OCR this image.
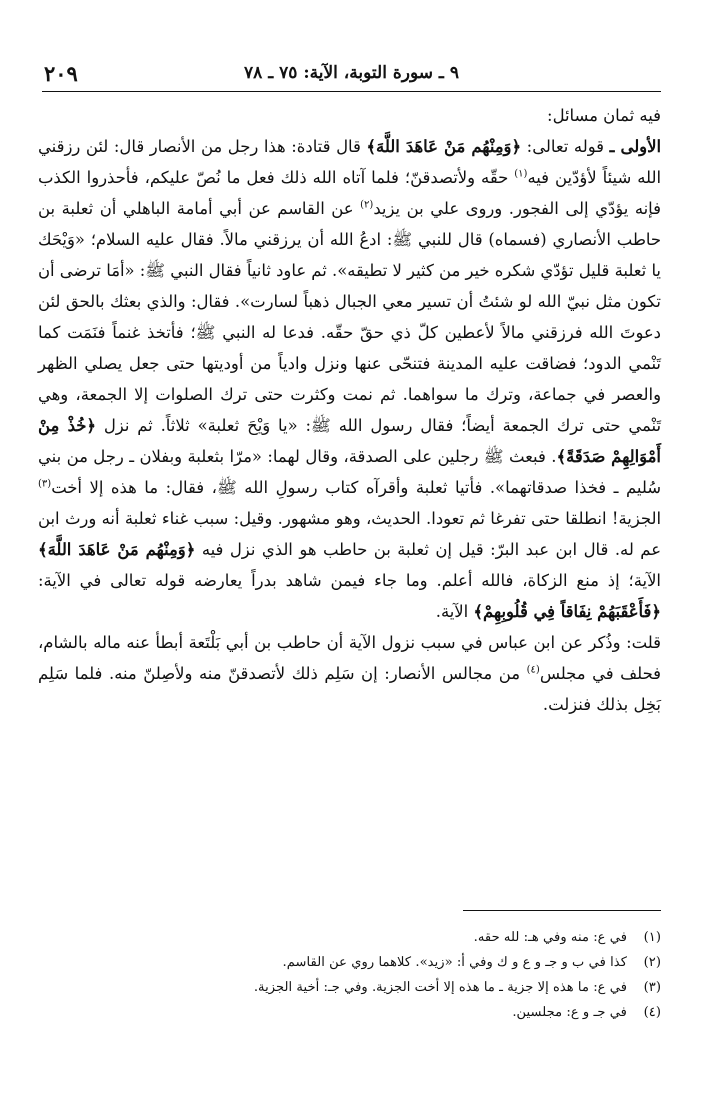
٩ ـ سورة التوبة، الآية: ٧٥ ـ ٧٨
٢٠٩

فيه ثمان مسائل:

الأولى ـ قوله تعالى: ﴿وَمِنْهُم مَنْ عَاهَدَ اللَّهَ﴾ قال قتادة: هذا رجل من الأنصار قال: لئن رزقني الله شيئاً لأؤدّين فيه$^{(١)}$ حقّه ولأتصدقنّ؛ فلما آتاه الله ذلك فعل ما نُصّ عليكم، فأحذروا الكذب فإنه يؤدّي إلى الفجور. وروى علي بن يزيد$^{(٢)}$ عن القاسم عن أبي أمامة الباهلي أن ثعلبة بن حاطب الأنصاري (فسماه) قال للنبي ﷺ: ادعُ الله أن يرزقني مالاً. فقال عليه السلام؛ «وَيْحَك يا ثعلبة قليل تؤدّي شكره خير من كثير لا تطيقه». ثم عاود ثانياً فقال النبي ﷺ: «أمَا ترضى أن تكون مثل نبيّ الله لو شئتُ أن تسير معي الجبال ذهباً لسارت». فقال: والذي بعثك بالحق لئن دعوتَ الله فرزقني مالاً لأعطين كلّ ذي حقّ حقّه. فدعا له النبي ﷺ؛ فأتخذ غنماً فنَمَت كما تَنْمي الدود؛ فضاقت عليه المدينة فتنحّى عنها ونزل وادياً من أوديتها حتى جعل يصلي الظهر والعصر في جماعة، وترك ما سواهما. ثم نمت وكثرت حتى ترك الصلوات إلا الجمعة، وهي تَنْمي حتى ترك الجمعة أيضاً؛ فقال رسول الله ﷺ: «يا وَيْحَ ثعلبة» ثلاثاً. ثم نزل ﴿خُذْ مِنْ أَمْوَالِهِمْ صَدَقَةً﴾. فبعث ﷺ رجلين على الصدقة، وقال لهما: «مرّا بثعلبة وبفلان ـ رجل من بني سُليم ـ فخذا صدقاتهما». فأتيا ثعلبة وأقرآه كتاب رسولِ الله ﷺ، فقال: ما هذه إلا أخت$^{(٣)}$ الجزية! انطلقا حتى تفرغا ثم تعودا. الحديث، وهو مشهور. وقيل: سبب غناء ثعلبة أنه ورث ابن عم له. قال ابن عبد البرّ: قيل إن ثعلبة بن حاطب هو الذي نزل فيه ﴿وَمِنْهُم مَنْ عَاهَدَ اللَّهَ﴾ الآية؛ إذ منع الزكاة، فالله أعلم. وما جاء فيمن شاهد بدراً يعارضه قوله تعالى في الآية: ﴿فَأَعْقَبَهُمْ نِفَاقاً فِي قُلُوبِهِمْ﴾ الآية.

قلت: وذُكر عن ابن عباس في سبب نزول الآية أن حاطب بن أبي بَلْتَعة أبطأ عنه ماله بالشام، فحلف في مجلس$^{(٤)}$ من مجالس الأنصار: إن سَلِم ذلك لأتصدقنّ منه ولأصِلنّ منه. فلما سَلِم بَخِل بذلك فنزلت.

(١)في ع: منه وفي هـ: لله حقه.
(٢)كذا في ب و جـ و ع و ك وفي أ: «زيد». كلاهما روي عن القاسم.
(٣)في ع: ما هذه إلا جزية ـ ما هذه إلا أخت الجزية. وفي جـ: أخية الجزية.
(٤)في جـ و ع: مجلسين.
